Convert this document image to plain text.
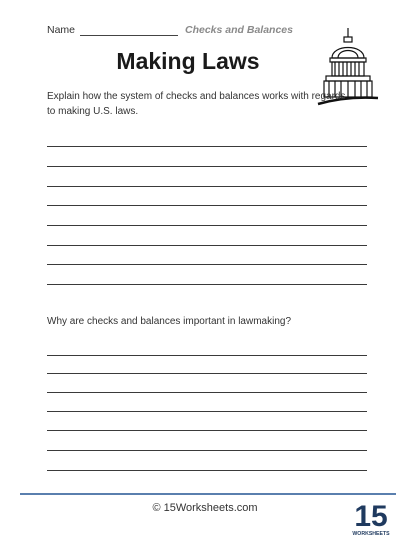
Name	Checks and Balances
Making Laws
Explain how the system of checks and balances works with regards to making U.S. laws.
Why are checks and balances important in lawmaking?
© 15Worksheets.com	15
WORKSHEETS
